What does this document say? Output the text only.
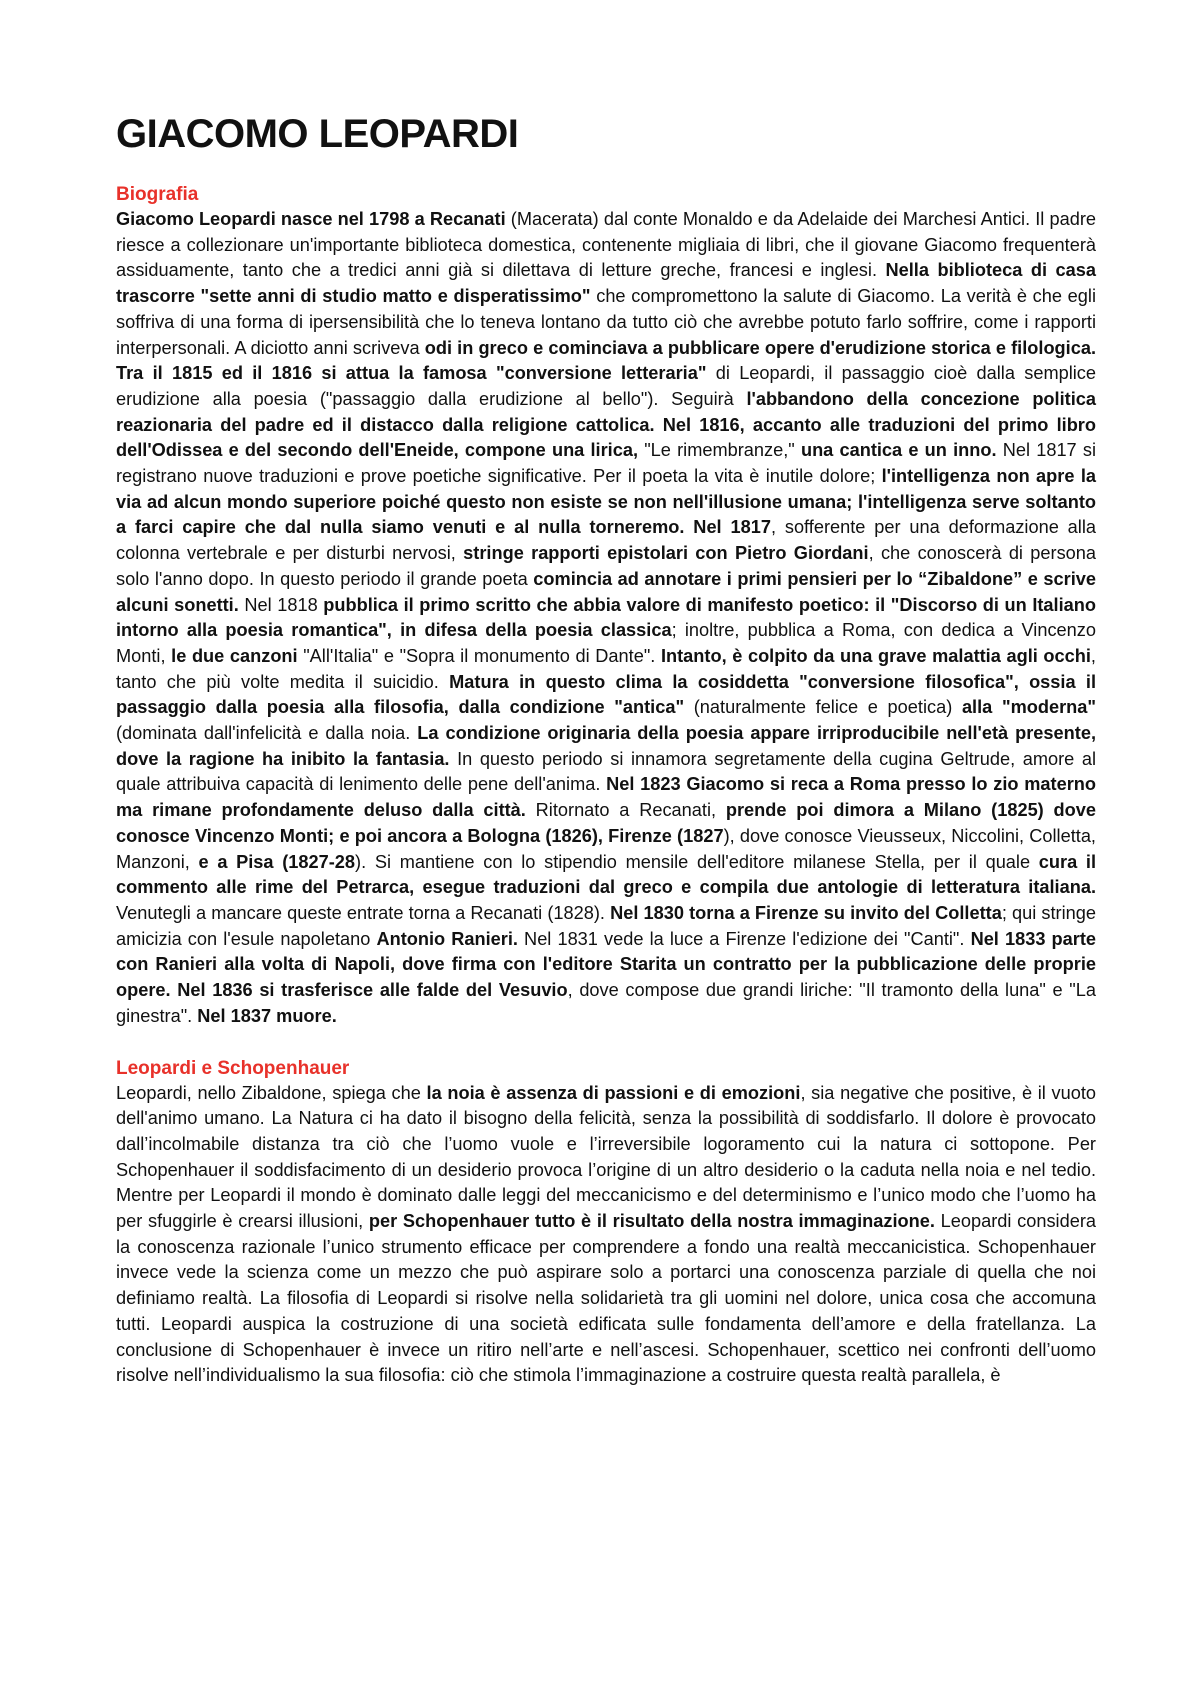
GIACOMO LEOPARDI
Biografia

Giacomo Leopardi nasce nel 1798 a Recanati (Macerata) dal conte Monaldo e da Adelaide dei Marchesi Antici. Il padre riesce a collezionare un'importante biblioteca domestica, contenente migliaia di libri, che il giovane Giacomo frequenterà assiduamente, tanto che a tredici anni già si dilettava di letture greche, francesi e inglesi. Nella biblioteca di casa trascorre "sette anni di studio matto e disperatissimo" che compromettono la salute di Giacomo. La verità è che egli soffriva di una forma di ipersensibilità che lo teneva lontano da tutto ciò che avrebbe potuto farlo soffrire, come i rapporti interpersonali. A diciotto anni scriveva odi in greco e cominciava a pubblicare opere d'erudizione storica e filologica. Tra il 1815 ed il 1816 si attua la famosa "conversione letteraria" di Leopardi, il passaggio cioè dalla semplice erudizione alla poesia ("passaggio dalla erudizione al bello"). Seguirà l'abbandono della concezione politica reazionaria del padre ed il distacco dalla religione cattolica. Nel 1816, accanto alle traduzioni del primo libro dell'Odissea e del secondo dell'Eneide, compone una lirica, "Le rimembranze," una cantica e un inno. Nel 1817 si registrano nuove traduzioni e prove poetiche significative. Per il poeta la vita è inutile dolore; l'intelligenza non apre la via ad alcun mondo superiore poiché questo non esiste se non nell'illusione umana; l'intelligenza serve soltanto a farci capire che dal nulla siamo venuti e al nulla torneremo. Nel 1817, sofferente per una deformazione alla colonna vertebrale e per disturbi nervosi, stringe rapporti epistolari con Pietro Giordani, che conoscerà di persona solo l'anno dopo. In questo periodo il grande poeta comincia ad annotare i primi pensieri per lo “Zibaldone” e scrive alcuni sonetti. Nel 1818 pubblica il primo scritto che abbia valore di manifesto poetico: il "Discorso di un Italiano intorno alla poesia romantica", in difesa della poesia classica; inoltre, pubblica a Roma, con dedica a Vincenzo Monti, le due canzoni "All'Italia" e "Sopra il monumento di Dante". Intanto, è colpito da una grave malattia agli occhi, tanto che più volte medita il suicidio. Matura in questo clima la cosiddetta "conversione filosofica", ossia il passaggio dalla poesia alla filosofia, dalla condizione "antica" (naturalmente felice e poetica) alla "moderna" (dominata dall'infelicità e dalla noia. La condizione originaria della poesia appare irriproducibile nell'età presente, dove la ragione ha inibito la fantasia. In questo periodo si innamora segretamente della cugina Geltrude, amore al quale attribuiva capacità di lenimento delle pene dell'anima. Nel 1823 Giacomo si reca a Roma presso lo zio materno ma rimane profondamente deluso dalla città. Ritornato a Recanati, prende poi dimora a Milano (1825) dove conosce Vincenzo Monti; e poi ancora a Bologna (1826), Firenze (1827), dove conosce Vieusseux, Niccolini, Colletta, Manzoni, e a Pisa (1827-28). Si mantiene con lo stipendio mensile dell'editore milanese Stella, per il quale cura il commento alle rime del Petrarca, esegue traduzioni dal greco e compila due antologie di letteratura italiana. Venutegli a mancare queste entrate torna a Recanati (1828). Nel 1830 torna a Firenze su invito del Colletta; qui stringe amicizia con l'esule napoletano Antonio Ranieri. Nel 1831 vede la luce a Firenze l'edizione dei "Canti". Nel 1833 parte con Ranieri alla volta di Napoli, dove firma con l'editore Starita un contratto per la pubblicazione delle proprie opere. Nel 1836 si trasferisce alle falde del Vesuvio, dove compose due grandi liriche: "Il tramonto della luna" e "La ginestra". Nel 1837 muore.

Leopardi e Schopenhauer

Leopardi, nello Zibaldone, spiega che la noia è assenza di passioni e di emozioni, sia negative che positive, è il vuoto dell'animo umano. La Natura ci ha dato il bisogno della felicità, senza la possibilità di soddisfarlo. Il dolore è provocato dall’incolmabile distanza tra ciò che l’uomo vuole e l’irreversibile logoramento cui la natura ci sottopone. Per Schopenhauer il soddisfacimento di un desiderio provoca l’origine di un altro desiderio o la caduta nella noia e nel tedio. Mentre per Leopardi il mondo è dominato dalle leggi del meccanicismo e del determinismo e l’unico modo che l’uomo ha per sfuggirle è crearsi illusioni, per Schopenhauer tutto è il risultato della nostra immaginazione. Leopardi considera la conoscenza razionale l’unico strumento efficace per comprendere a fondo una realtà meccanicistica. Schopenhauer invece vede la scienza come un mezzo che può aspirare solo a portarci una conoscenza parziale di quella che noi definiamo realtà. La filosofia di Leopardi si risolve nella solidarietà tra gli uomini nel dolore, unica cosa che accomuna tutti. Leopardi auspica la costruzione di una società edificata sulle fondamenta dell’amore e della fratellanza. La conclusione di Schopenhauer è invece un ritiro nell’arte e nell’ascesi. Schopenhauer, scettico nei confronti dell’uomo risolve nell’individualismo la sua filosofia: ciò che stimola l’immaginazione a costruire questa realtà parallela, è
